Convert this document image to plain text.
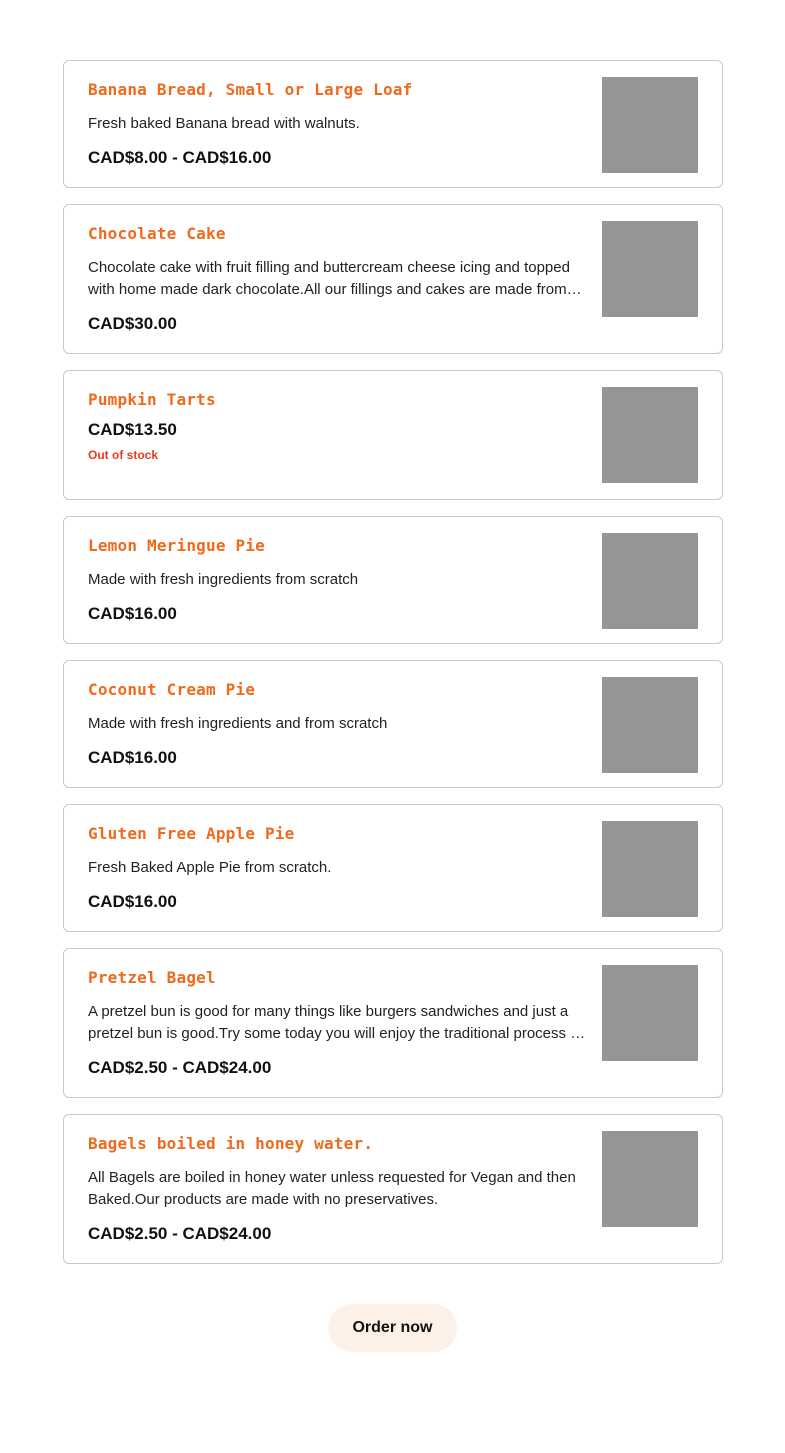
Banana Bread, Small or Large Loaf
Fresh baked Banana bread with walnuts.
CAD$8.00 - CAD$16.00
Chocolate Cake
Chocolate cake with fruit filling and buttercream cheese icing and topped with home made dark chocolate.All our fillings and cakes are made from
CAD$30.00
Pumpkin Tarts
CAD$13.50
Out of stock
Lemon Meringue Pie
Made with fresh ingredients from scratch
CAD$16.00
Coconut Cream Pie
Made with fresh ingredients and from scratch
CAD$16.00
Gluten Free Apple Pie
Fresh Baked Apple Pie from scratch.
CAD$16.00
Pretzel Bagel
A pretzel bun is good for many things like burgers sandwiches and just a pretzel bun is good.Try some today you will enjoy the traditional process of
CAD$2.50 - CAD$24.00
Bagels boiled in honey water.
All Bagels are boiled in honey water unless requested for Vegan and then Baked.Our products are made with no preservatives.
CAD$2.50 - CAD$24.00
Order now
